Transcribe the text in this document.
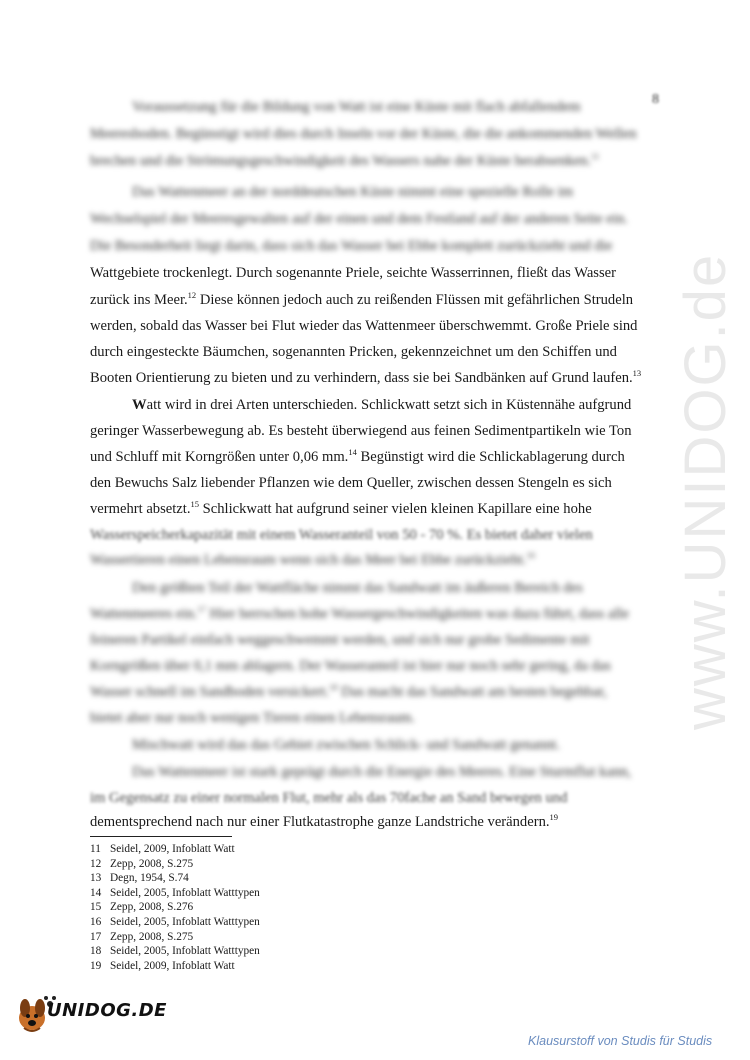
8
www.UNIDOG.de
Voraussetzung für die Bildung von Watt ist eine Küste mit flach abfallendem
Meeresboden. Begünstigt wird dies durch Inseln vor der Küste, die die ankommenden Wellen
brechen und die Strömungsgeschwindigkeit des Wassers nahe der Küste herabsenken.$^{11}$
Das Wattenmeer an der norddeutschen Küste nimmt eine spezielle Rolle im
Wechselspiel der Meeresgewalten auf der einen und dem Festland auf der anderen Seite ein.
Die Besonderheit liegt darin, dass sich das Wasser bei Ebbe komplett zurückzieht und die
Wattgebiete trockenlegt. Durch sogenannte Priele, seichte Wasserrinnen, fließt das Wasser
zurück ins Meer.$^{12}$ Diese können jedoch auch zu reißenden Flüssen mit gefährlichen Strudeln
werden, sobald das Wasser bei Flut wieder das Wattenmeer überschwemmt. Große Priele sind
durch eingesteckte Bäumchen, sogenannten Pricken, gekennzeichnet um den Schiffen und
Booten Orientierung zu bieten und zu verhindern, dass sie bei Sandbänken auf Grund laufen.$^{13}$
Watt wird in drei Arten unterschieden. Schlickwatt setzt sich in Küstennähe aufgrund
geringer Wasserbewegung ab. Es besteht überwiegend aus feinen Sedimentpartikeln wie Ton
und Schluff mit Korngrößen unter 0,06 mm.$^{14}$ Begünstigt wird die Schlickablagerung durch
den Bewuchs Salz liebender Pflanzen wie dem Queller, zwischen dessen Stengeln es sich
vermehrt absetzt.$^{15}$ Schlickwatt hat aufgrund seiner vielen kleinen Kapillare eine hohe
Wasserspeicherkapazität mit einem Wasseranteil von 50 - 70 %. Es bietet daher vielen
Wassertieren einen Lebensraum wenn sich das Meer bei Ebbe zurückzieht.$^{16}$
Den größten Teil der Wattfläche nimmt das Sandwatt im äußeren Bereich des
Wattenmeeres ein.$^{17}$ Hier herrschen hohe Wassergeschwindigkeiten was dazu führt, dass alle
feineren Partikel einfach weggeschwemmt werden, und sich nur grobe Sedimente mit
Korngrößen über 0,1 mm ablagern. Der Wasseranteil ist hier nur noch sehr gering, da das
Wasser schnell im Sandboden versickert.$^{18}$ Das macht das Sandwatt am besten begehbar,
bietet aber nur noch wenigen Tieren einen Lebensraum.
Mischwatt wird das das Gebiet zwischen Schlick- und Sandwatt genannt.
Das Wattenmeer ist stark geprägt durch die Energie des Meeres. Eine Sturmflut kann,
im Gegensatz zu einer normalen Flut, mehr als das 70fache an Sand bewegen und
dementsprechend nach nur einer Flutkatastrophe ganze Landstriche verändern.$^{19}$
11 Seidel, 2009, Infoblatt Watt
12 Zepp, 2008, S.275
13 Degn, 1954, S.74
14 Seidel, 2005, Infoblatt Watttypen
15 Zepp, 2008, S.276
16 Seidel, 2005, Infoblatt Watttypen
17 Zepp, 2008, S.275
18 Seidel, 2005, Infoblatt Watttypen
19 Seidel, 2009, Infoblatt Watt
UNIDOG.DE
Klausurstoff von Studis für Studis
